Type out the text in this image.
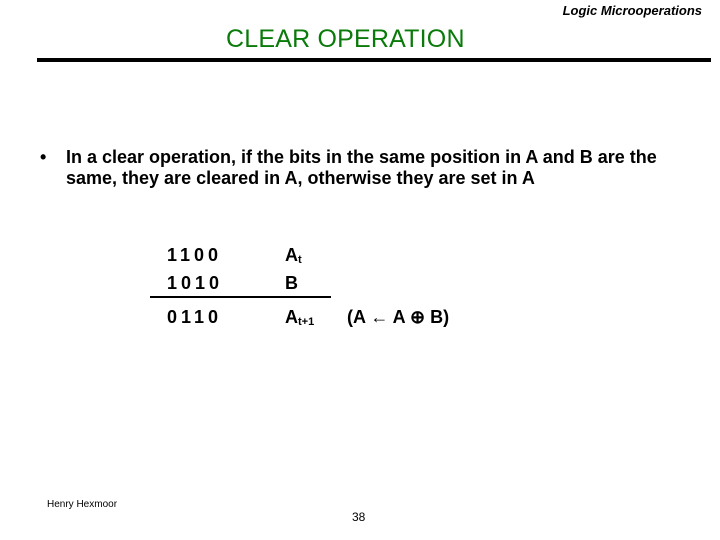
Logic Microoperations
CLEAR OPERATION
• In a clear operation, if the bits in the same position in A and B are the same, they are cleared in A, otherwise they are set in A
1100	$A_t$
1010	B
0110	$A_{t+1}$ (A ← A ⊕ B)
Henry Hexmoor
38
